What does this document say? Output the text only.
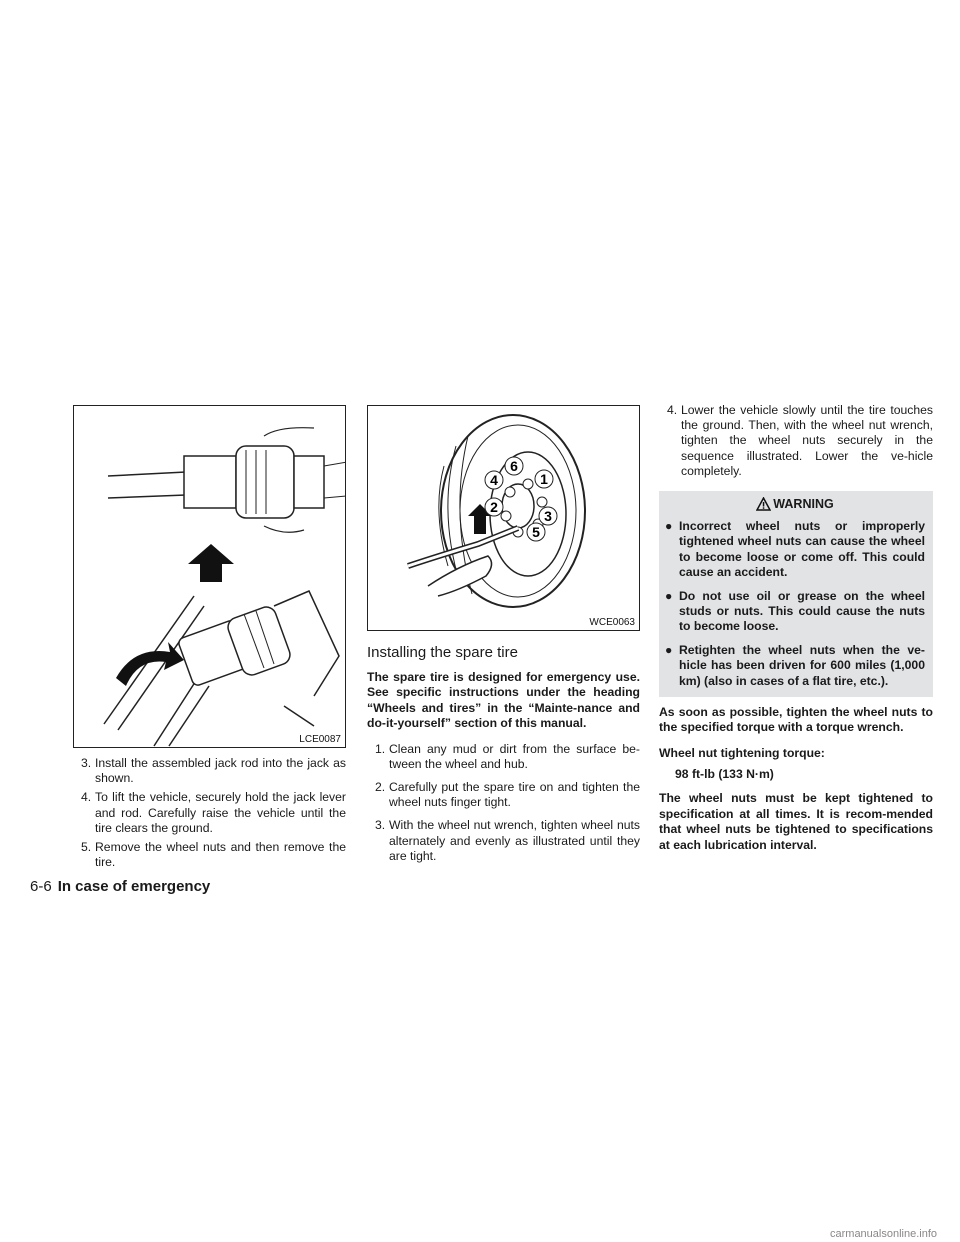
LCE0087

3. Install the assembled jack rod into the jack as shown.

4. To lift the vehicle, securely hold the jack lever and rod. Carefully raise the vehicle until the tire clears the ground.

5. Remove the wheel nuts and then remove the tire.

6
1
4
2
3
5
WCE0063
Installing the spare tire

The spare tire is designed for emergency use. See specific instructions under the heading “Wheels and tires” in the “Mainte-nance and do-it-yourself” section of this manual.

1. Clean any mud or dirt from the surface be-tween the wheel and hub.

2. Carefully put the spare tire on and tighten the wheel nuts finger tight.

3. With the wheel nut wrench, tighten wheel nuts alternately and evenly as illustrated until they are tight.

4. Lower the vehicle slowly until the tire touches the ground. Then, with the wheel nut wrench, tighten the wheel nuts securely in the sequence illustrated. Lower the ve-hicle completely.

WARNING
● Incorrect wheel nuts or improperly tightened wheel nuts can cause the wheel to become loose or come off. This could cause an accident.
● Do not use oil or grease on the wheel studs or nuts. This could cause the nuts to become loose.
● Retighten the wheel nuts when the ve-hicle has been driven for 600 miles (1,000 km) (also in cases of a flat tire, etc.).

As soon as possible, tighten the wheel nuts to the specified torque with a torque wrench.

Wheel nut tightening torque:

98 ft-lb (133 N·m)

The wheel nuts must be kept tightened to specification at all times. It is recom-mended that wheel nuts be tightened to specifications at each lubrication interval.

6-6 In case of emergency
carmanualsonline.info
